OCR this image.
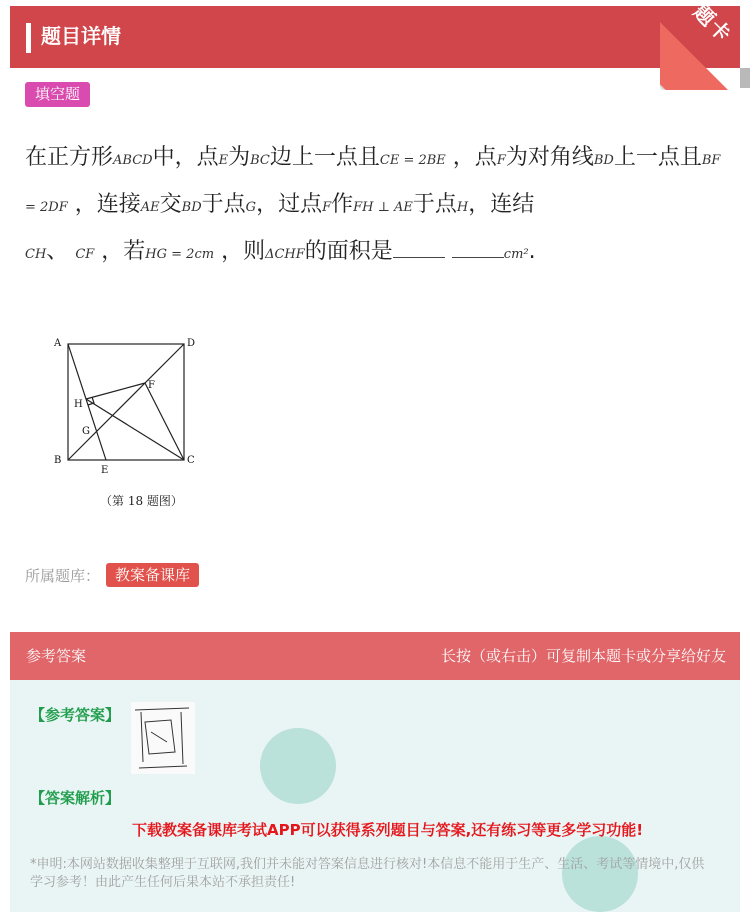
题目详情	题卡
填空题
在正方形ABCD中，点E为BC边上一点且CE = 2BE ，点F为对角线BD上一点且BF = 2DF ，连接AE交BD于点G，过点F作FH ⊥ AE于点H，连结
CH、 CF ，若HG = 2cm ，则ΔCHF的面积是	cm².
A	D
B	C
E
F
G
H
（第 18 题图）
所属题库： 教案备课库
参考答案	长按（或右击）可复制本题卡或分享给好友
【参考答案】
【答案解析】
下载教案备课库考试APP可以获得系列题目与答案,还有练习等更多学习功能!
*申明:本网站数据收集整理于互联网,我们并未能对答案信息进行核对!本信息不能用于生产、生活、考试等情境中,仅供学习参考！由此产生任何后果本站不承担责任!
